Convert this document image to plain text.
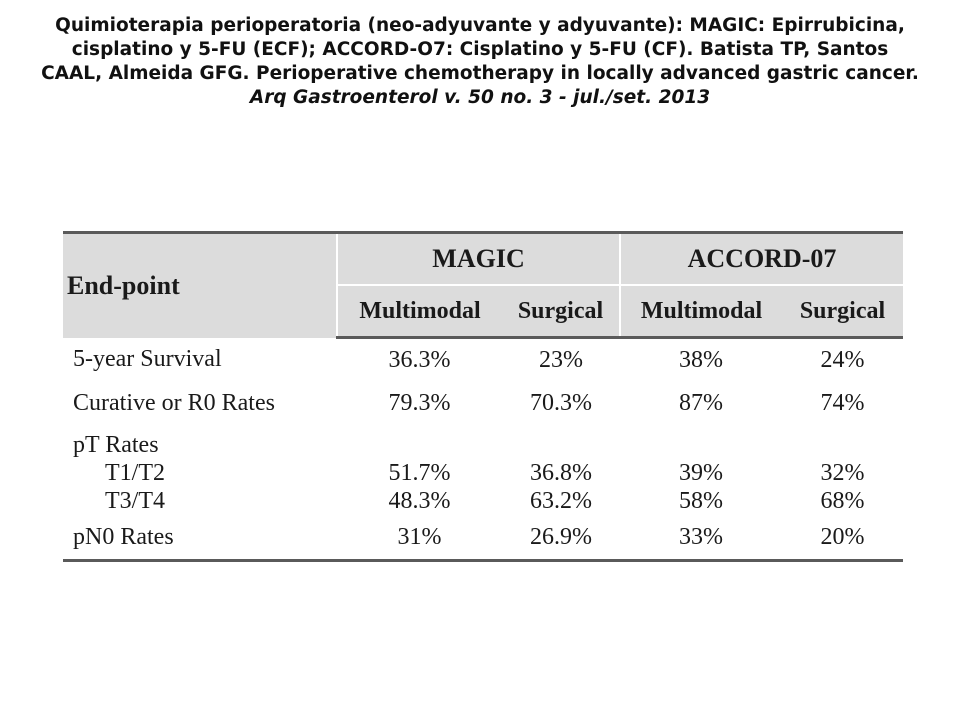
Quimioterapia perioperatoria (neo-adyuvante y adyuvante): MAGIC: Epirrubicina, cisplatino y 5-FU (ECF); ACCORD-O7: Cisplatino y 5-FU (CF). Batista TP, Santos CAAL, Almeida GFG. Perioperative chemotherapy in locally advanced gastric cancer. Arq Gastroenterol v. 50 no. 3 - jul./set. 2013
End-point	MAGIC		ACCORD-07	
	Multimodal	Surgical	Multimodal	Surgical
5-year Survival	36.3%	23%	38%	24%
Curative or R0 Rates	79.3%	70.3%	87%	74%
pT Rates				
T1/T2	51.7%	36.8%	39%	32%
T3/T4	48.3%	63.2%	58%	68%
pN0 Rates	31%	26.9%	33%	20%
